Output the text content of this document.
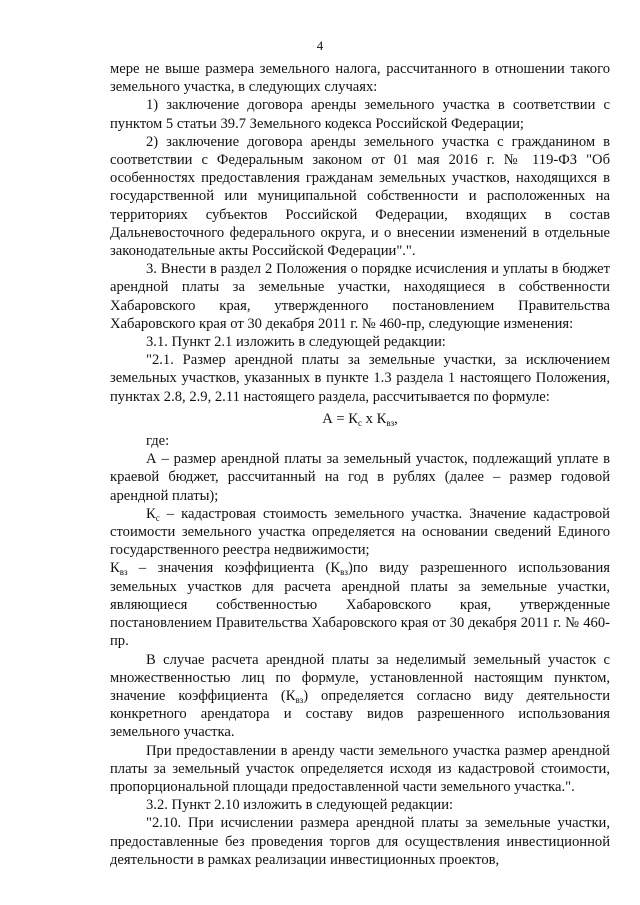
4

мере не выше размера земельного налога, рассчитанного в отношении такого земельного участка, в следующих случаях:

1) заключение договора аренды земельного участка в соответствии с пунктом 5 статьи 39.7 Земельного кодекса Российской Федерации;

2) заключение договора аренды земельного участка с гражданином в соответствии с Федеральным законом от 01 мая 2016 г. № 119-ФЗ "Об особенностях предоставления гражданам земельных участков, находящихся в государственной или муниципальной собственности и расположенных на территориях субъектов Российской Федерации, входящих в состав Дальневосточного федерального округа, и о внесении изменений в отдельные законодательные акты Российской Федерации".".

3. Внести в раздел 2 Положения о порядке исчисления и уплаты в бюджет арендной платы за земельные участки, находящиеся в собственности Хабаровского края, утвержденного постановлением Правительства Хабаровского края от 30 декабря 2011 г. № 460-пр, следующие изменения:

3.1. Пункт 2.1 изложить в следующей редакции:

"2.1. Размер арендной платы за земельные участки, за исключением земельных участков, указанных в пункте 1.3 раздела 1 настоящего Положения, пунктах 2.8, 2.9, 2.11 настоящего раздела, рассчитывается по формуле:

$А = К_с$ х $К_{вз}$,

где:

А – размер арендной платы за земельный участок, подлежащий уплате в краевой бюджет, рассчитанный на год в рублях (далее – размер годовой арендной платы);

$К_с$ – кадастровая стоимость земельного участка. Значение кадастровой стоимости земельного участка определяется на основании сведений Единого государственного реестра недвижимости;

$К_{вз}$ – значения коэффициента $(К_{вз})по$ виду разрешенного использования земельных участков для расчета арендной платы за земельные участки, являющиеся собственностью Хабаровского края, утвержденные постановлением Правительства Хабаровского края от 30 декабря 2011 г. № 460-пр.

В случае расчета арендной платы за неделимый земельный участок с множественностью лиц по формуле, установленной настоящим пунктом, значение коэффициента $(К_{вз})$ определяется согласно виду деятельности конкретного арендатора и составу видов разрешенного использования земельного участка.

При предоставлении в аренду части земельного участка размер арендной платы за земельный участок определяется исходя из кадастровой стоимости, пропорциональной площади предоставленной части земельного участка.".

3.2. Пункт 2.10 изложить в следующей редакции:

"2.10. При исчислении размера арендной платы за земельные участки, предоставленные без проведения торгов для осуществления инвестиционной деятельности в рамках реализации инвестиционных проектов,
